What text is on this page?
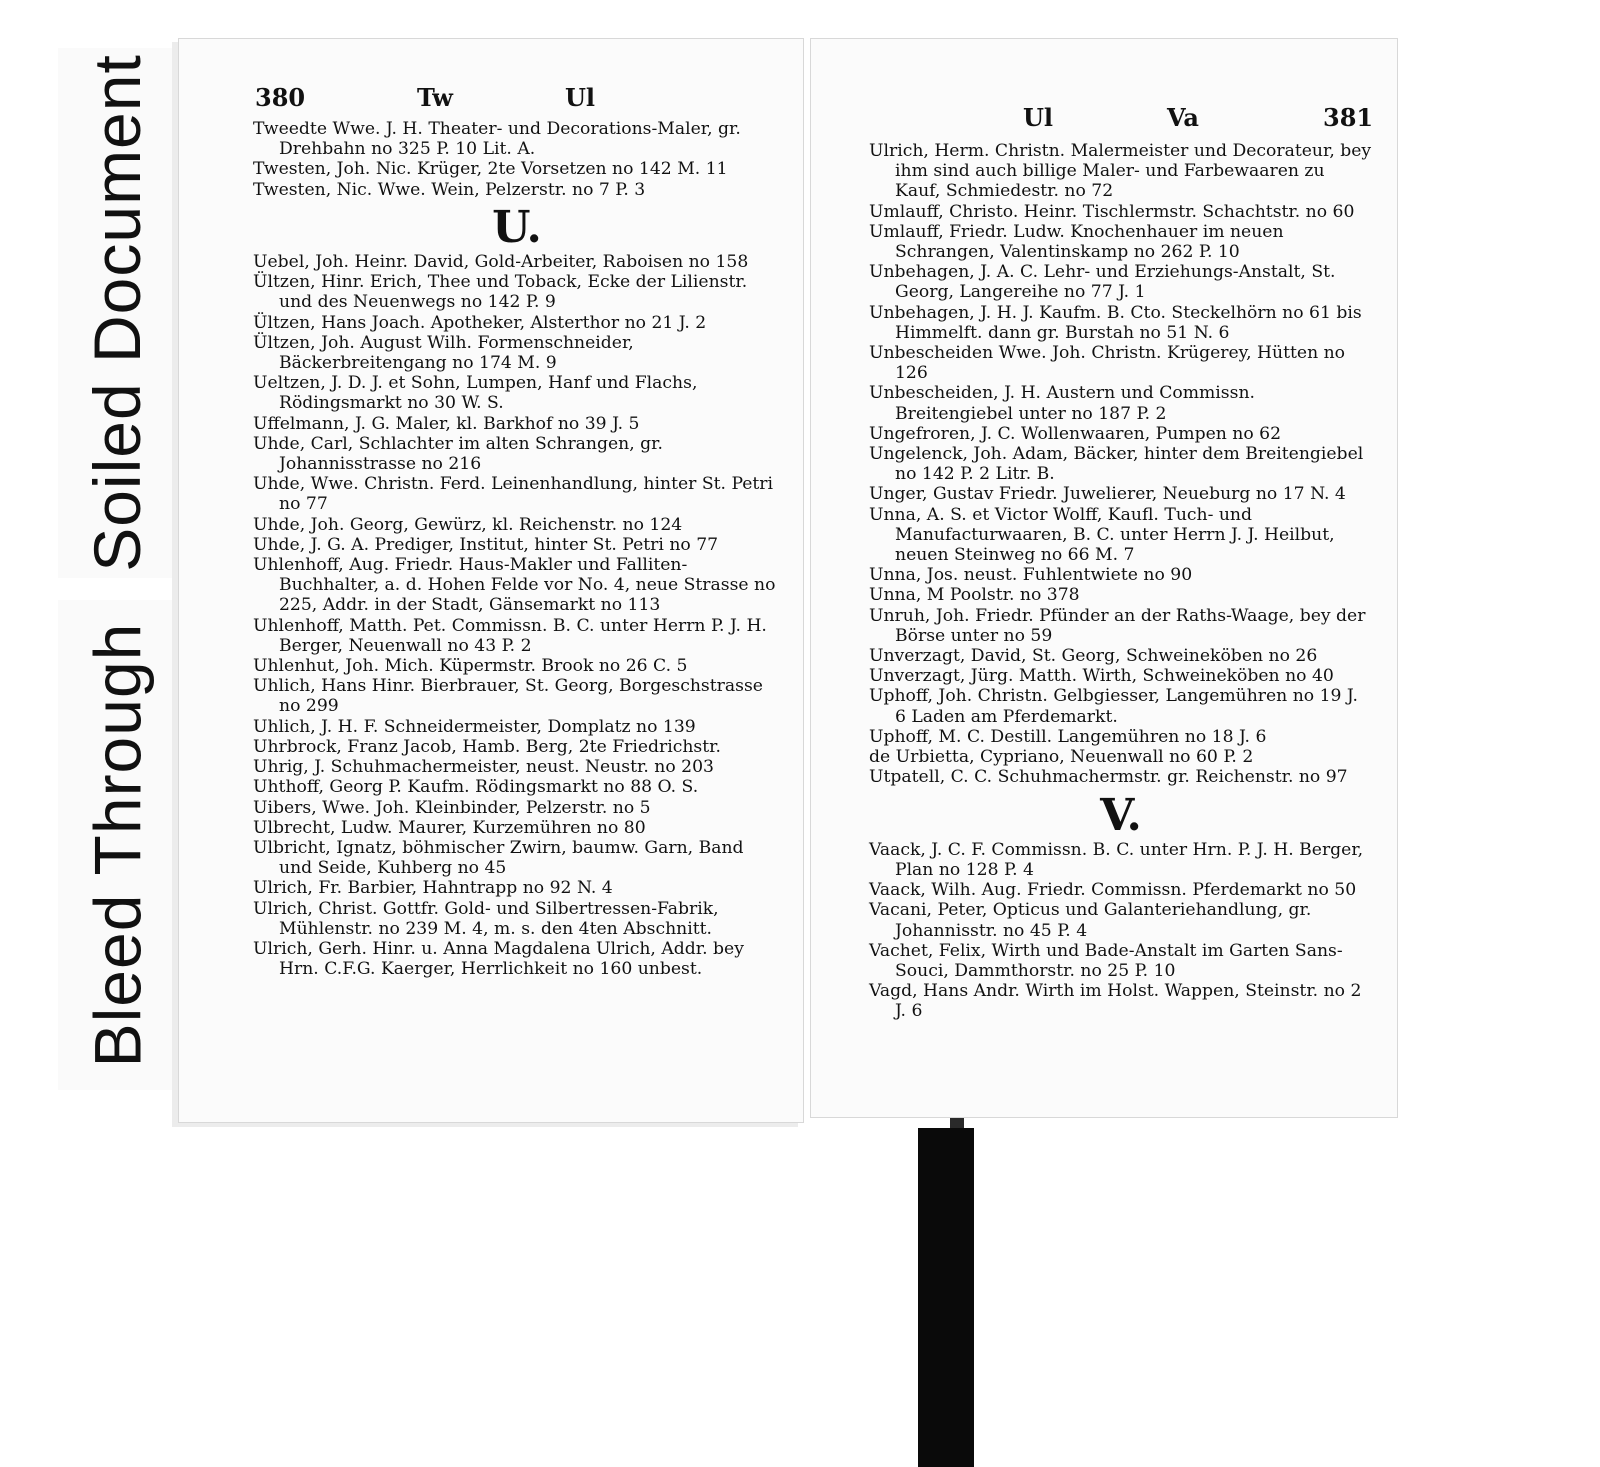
Soiled Document
Bleed Through
380	Tw	Ul

Tweedte Wwe. J. H. Theater- und Decorations-Maler, gr. Drehbahn no 325 P. 10 Lit. A.

Twesten, Joh. Nic. Krüger, 2te Vorsetzen no 142 M. 11

Twesten, Nic. Wwe. Wein, Pelzerstr. no 7 P. 3

U.

Uebel, Joh. Heinr. David, Gold-Arbeiter, Raboisen no 158

Ültzen, Hinr. Erich, Thee und Toback, Ecke der Lilienstr. und des Neuenwegs no 142 P. 9

Ültzen, Hans Joach. Apotheker, Alsterthor no 21 J. 2

Ültzen, Joh. August Wilh. Formenschneider, Bäckerbreitengang no 174 M. 9

Ueltzen, J. D. J. et Sohn, Lumpen, Hanf und Flachs, Rödingsmarkt no 30 W. S.

Uffelmann, J. G. Maler, kl. Barkhof no 39 J. 5

Uhde, Carl, Schlachter im alten Schrangen, gr. Johannisstrasse no 216

Uhde, Wwe. Christn. Ferd. Leinenhandlung, hinter St. Petri no 77

Uhde, Joh. Georg, Gewürz, kl. Reichenstr. no 124

Uhde, J. G. A. Prediger, Institut, hinter St. Petri no 77

Uhlenhoff, Aug. Friedr. Haus-Makler und Falliten-Buchhalter, a. d. Hohen Felde vor No. 4, neue Strasse no 225, Addr. in der Stadt, Gänsemarkt no 113

Uhlenhoff, Matth. Pet. Commissn. B. C. unter Herrn P. J. H. Berger, Neuenwall no 43 P. 2

Uhlenhut, Joh. Mich. Küpermstr. Brook no 26 C. 5

Uhlich, Hans Hinr. Bierbrauer, St. Georg, Borgeschstrasse no 299

Uhlich, J. H. F. Schneidermeister, Domplatz no 139

Uhrbrock, Franz Jacob, Hamb. Berg, 2te Friedrichstr.

Uhrig, J. Schuhmachermeister, neust. Neustr. no 203

Uhthoff, Georg P. Kaufm. Rödingsmarkt no 88 O. S.

Uibers, Wwe. Joh. Kleinbinder, Pelzerstr. no 5

Ulbrecht, Ludw. Maurer, Kurzemühren no 80

Ulbricht, Ignatz, böhmischer Zwirn, baumw. Garn, Band und Seide, Kuhberg no 45

Ulrich, Fr. Barbier, Hahntrapp no 92 N. 4

Ulrich, Christ. Gottfr. Gold- und Silbertressen-Fabrik, Mühlenstr. no 239 M. 4, m. s. den 4ten Abschnitt.

Ulrich, Gerh. Hinr. u. Anna Magdalena Ulrich, Addr. bey Hrn. C.F.G. Kaerger, Herrlichkeit no 160 unbest.

Ul	Va	381

Ulrich, Herm. Christn. Malermeister und Decorateur, bey ihm sind auch billige Maler- und Farbewaaren zu Kauf, Schmiedestr. no 72

Umlauff, Christo. Heinr. Tischlermstr. Schachtstr. no 60

Umlauff, Friedr. Ludw. Knochenhauer im neuen Schrangen, Valentinskamp no 262 P. 10

Unbehagen, J. A. C. Lehr- und Erziehungs-Anstalt, St. Georg, Langereihe no 77 J. 1

Unbehagen, J. H. J. Kaufm. B. Cto. Steckelhörn no 61 bis Himmelft. dann gr. Burstah no 51 N. 6

Unbescheiden Wwe. Joh. Christn. Krügerey, Hütten no 126

Unbescheiden, J. H. Austern und Commissn. Breitengiebel unter no 187 P. 2

Ungefroren, J. C. Wollenwaaren, Pumpen no 62

Ungelenck, Joh. Adam, Bäcker, hinter dem Breitengiebel no 142 P. 2 Litr. B.

Unger, Gustav Friedr. Juwelierer, Neueburg no 17 N. 4

Unna, A. S. et Victor Wolff, Kaufl. Tuch- und Manufacturwaaren, B. C. unter Herrn J. J. Heilbut, neuen Steinweg no 66 M. 7

Unna, Jos. neust. Fuhlentwiete no 90

Unna, M Poolstr. no 378

Unruh, Joh. Friedr. Pfünder an der Raths-Waage, bey der Börse unter no 59

Unverzagt, David, St. Georg, Schweineköben no 26

Unverzagt, Jürg. Matth. Wirth, Schweineköben no 40

Uphoff, Joh. Christn. Gelbgiesser, Langemühren no 19 J. 6 Laden am Pferdemarkt.

Uphoff, M. C. Destill. Langemühren no 18 J. 6

de Urbietta, Cypriano, Neuenwall no 60 P. 2

Utpatell, C. C. Schuhmachermstr. gr. Reichenstr. no 97

V.

Vaack, J. C. F. Commissn. B. C. unter Hrn. P. J. H. Berger, Plan no 128 P. 4

Vaack, Wilh. Aug. Friedr. Commissn. Pferdemarkt no 50

Vacani, Peter, Opticus und Galanteriehandlung, gr. Johannisstr. no 45 P. 4

Vachet, Felix, Wirth und Bade-Anstalt im Garten Sans-Souci, Dammthorstr. no 25 P. 10

Vagd, Hans Andr. Wirth im Holst. Wappen, Steinstr. no 2 J. 6
